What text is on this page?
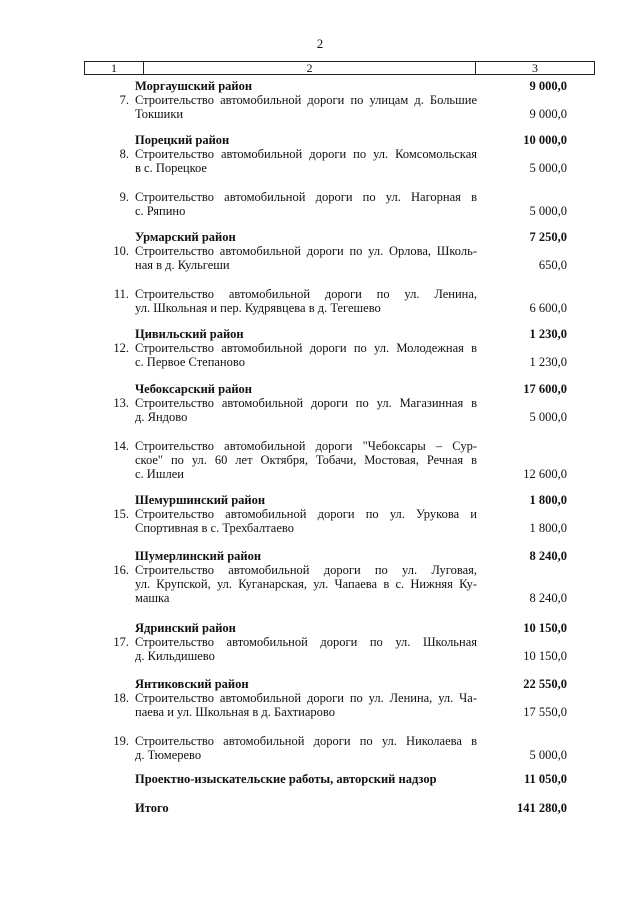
2
1	2	3
Моргаушский район	9 000,0
7. Строительство автомобильной дороги по улицам д. Большие
Токшики	9 000,0
Порецкий район	10 000,0
8. Строительство автомобильной дороги по ул. Комсомольская
в с. Порецкое	5 000,0
9. Строительство автомобильной дороги по ул. Нагорная в
с. Ряпино	5 000,0
Урмарский район	7 250,0
10. Строительство автомобильной дороги по ул. Орлова, Школь-
ная в д. Кульгеши	650,0
11. Строительство автомобильной дороги по ул. Ленина,
ул. Школьная и пер. Кудрявцева в д. Тегешево	6 600,0
Цивильский район	1 230,0
12. Строительство автомобильной дороги по ул. Молодежная в
с. Первое Степаново	1 230,0
Чебоксарский район	17 600,0
13. Строительство автомобильной дороги по ул. Магазинная в
д. Яндово	5 000,0
14. Строительство автомобильной дороги "Чебоксары – Сур-
ское" по ул. 60 лет Октября, Тобачи, Мостовая, Речная в
с. Ишлеи	12 600,0
Шемуршинский район	1 800,0
15. Строительство автомобильной дороги по ул. Урукова и
Спортивная в с. Трехбалтаево	1 800,0
Шумерлинский район	8 240,0
16. Строительство автомобильной дороги по ул. Луговая,
ул. Крупской, ул. Куганарская, ул. Чапаева в с. Нижняя Ку-
машка	8 240,0
Ядринский район	10 150,0
17. Строительство автомобильной дороги по ул. Школьная
д. Кильдишево	10 150,0
Янтиковский район	22 550,0
18. Строительство автомобильной дороги по ул. Ленина, ул. Ча-
паева и ул. Школьная в д. Бахтиарово	17 550,0
19. Строительство автомобильной дороги по ул. Николаева в
д. Тюмерево	5 000,0
Проектно-изыскательские работы, авторский надзор	11 050,0
Итого	141 280,0
